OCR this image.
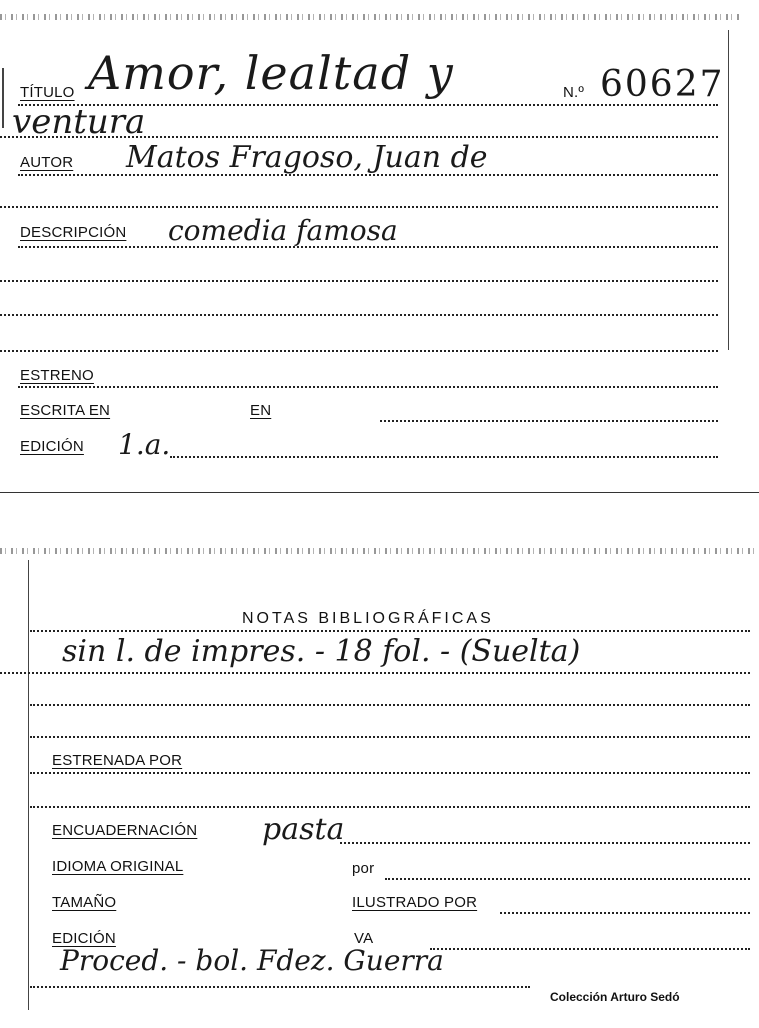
TÍTULO Amor, lealtad y	N.º 60627
ventura
AUTOR Matos Fragoso, Juan de
DESCRIPCIÓN comedia famosa
ESTRENO
ESCRITA EN	EN
EDICIÓN 1.a.
NOTAS BIBLIOGRÁFICAS
sin l. de impres. - 18 fol. - (Suelta)
ESTRENADA POR
ENCUADERNACIÓN pasta
IDIOMA ORIGINAL	por
TAMAÑO	ILUSTRADO POR
EDICIÓN	VA
Proced. - bol. Fdez. Guerra
Colección Arturo Sedó
